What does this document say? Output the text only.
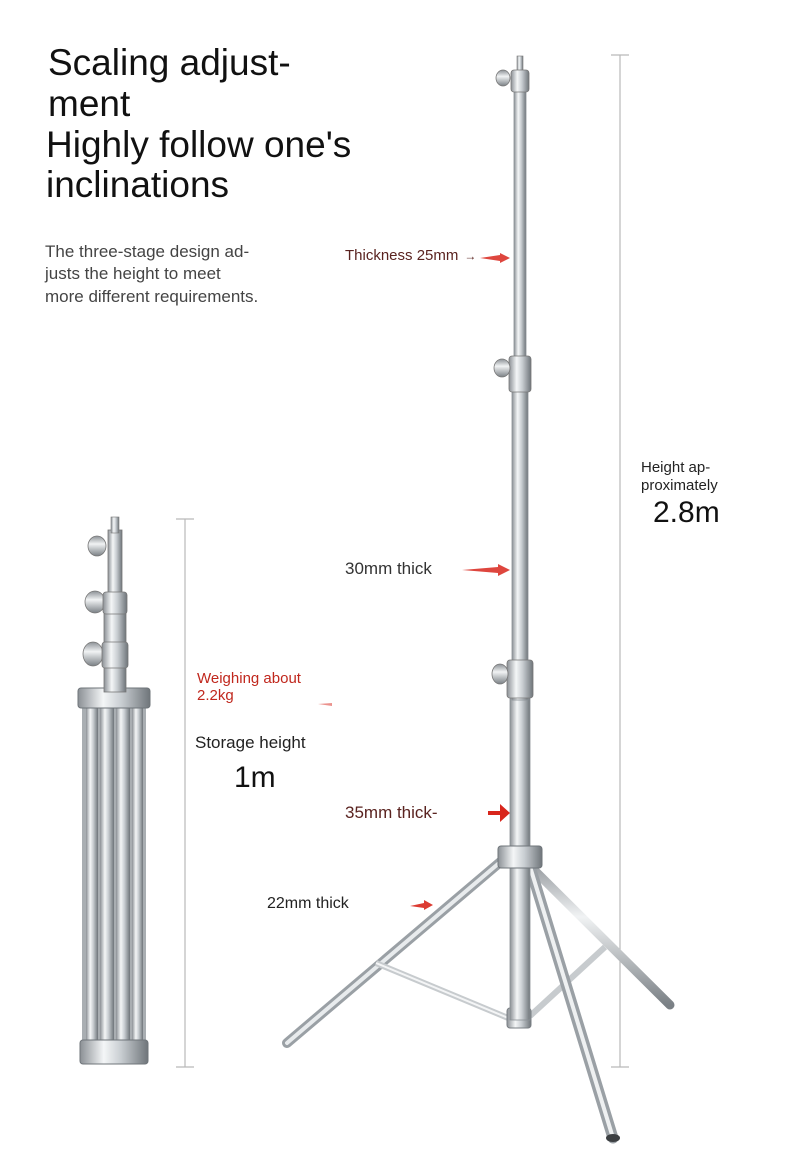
Scaling adjust-
ment
Highly follow one's
inclinations
The three-stage design ad-
justs the height to meet
more different requirements.
Thickness 25mm →
30mm thick
35mm thick-
22mm thick
Weighing about
2.2kg
Storage height
1m
Height ap-
proximately
2.8m
